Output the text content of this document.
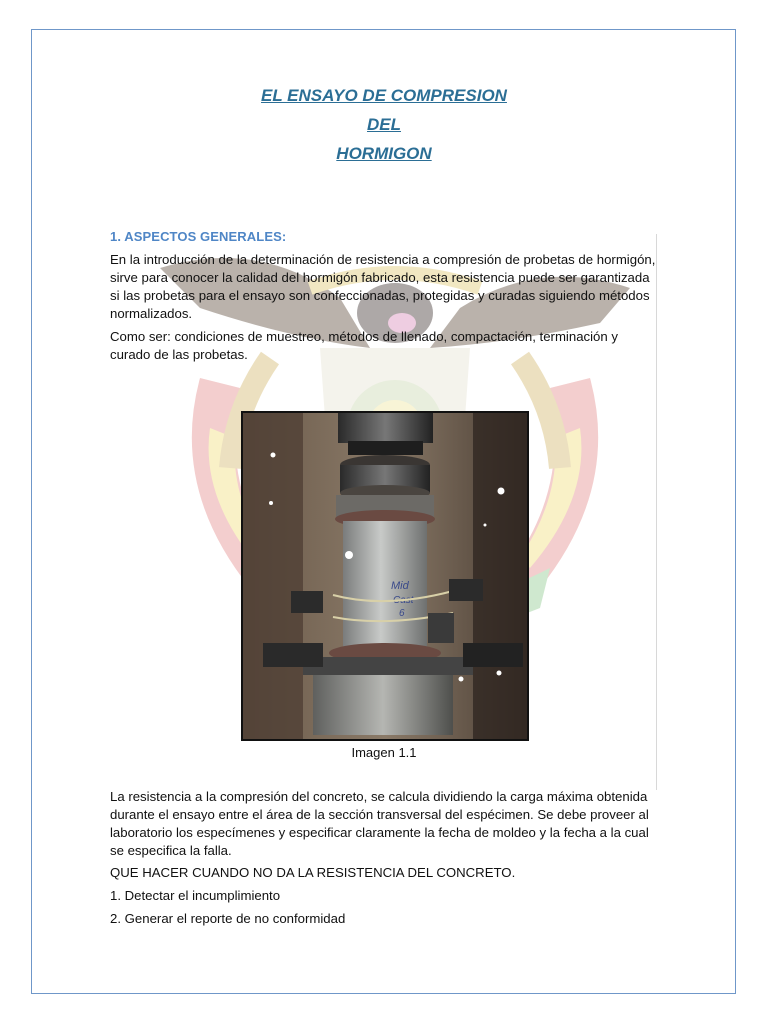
EL ENSAYO DE COMPRESION
DEL
HORMIGON
1. ASPECTOS GENERALES:
En la introducción de la determinación de resistencia a compresión de probetas de hormigón, sirve para conocer la calidad del hormigón fabricado, esta resistencia puede ser garantizada si las probetas para el ensayo son confeccionadas, protegidas y curadas siguiendo métodos normalizados.
Como ser: condiciones de muestreo, métodos de llenado, compactación, terminación y curado de las probetas.
Mid
Cast
6
Imagen 1.1
La resistencia a la compresión del concreto, se calcula dividiendo la carga máxima obtenida durante el ensayo entre el área de la sección transversal del espécimen. Se debe proveer al laboratorio los especímenes y especificar claramente la fecha de moldeo y la fecha a la cual se especifica la falla.
QUE HACER CUANDO NO DA LA RESISTENCIA DEL CONCRETO.
1. Detectar el incumplimiento
2. Generar el reporte de no conformidad
